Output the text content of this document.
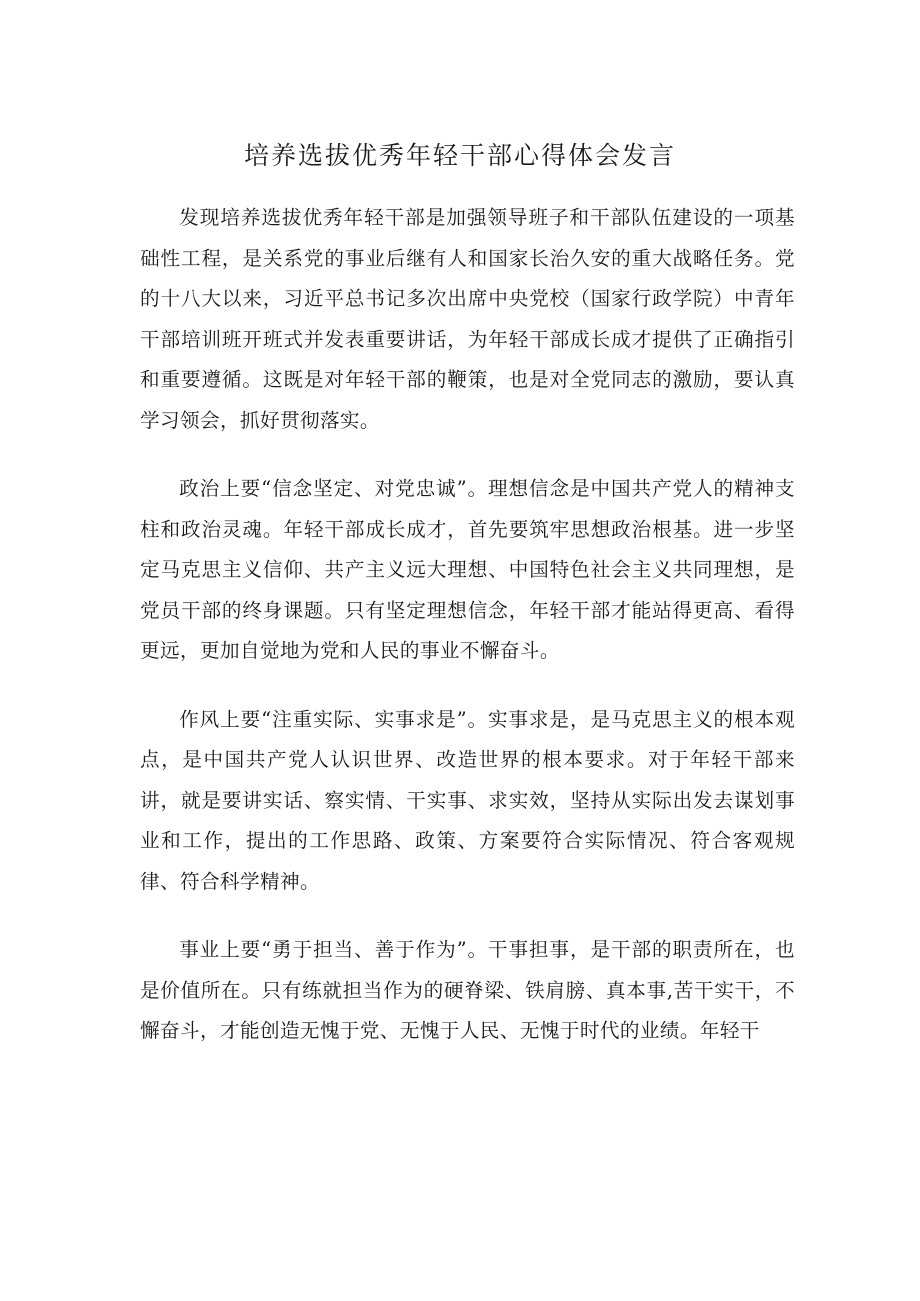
培养选拔优秀年轻干部心得体会发言

发现培养选拔优秀年轻干部是加强领导班子和干部队伍建设的一项基础性工程，是关系党的事业后继有人和国家长治久安的重大战略任务。党的十八大以来，习近平总书记多次出席中央党校（国家行政学院）中青年干部培训班开班式并发表重要讲话，为年轻干部成长成才提供了正确指引和重要遵循。这既是对年轻干部的鞭策，也是对全党同志的激励，要认真学习领会，抓好贯彻落实。

政治上要“信念坚定、对党忠诚”。理想信念是中国共产党人的精神支柱和政治灵魂。年轻干部成长成才，首先要筑牢思想政治根基。进一步坚定马克思主义信仰、共产主义远大理想、中国特色社会主义共同理想，是党员干部的终身课题。只有坚定理想信念，年轻干部才能站得更高、看得更远，更加自觉地为党和人民的事业不懈奋斗。

作风上要“注重实际、实事求是”。实事求是，是马克思主义的根本观点，是中国共产党人认识世界、改造世界的根本要求。对于年轻干部来讲，就是要讲实话、察实情、干实事、求实效，坚持从实际出发去谋划事业和工作，提出的工作思路、政策、方案要符合实际情况、符合客观规律、符合科学精神。

事业上要“勇于担当、善于作为”。干事担事，是干部的职责所在，也是价值所在。只有练就担当作为的硬脊梁、铁肩膀、真本事,苦干实干，不懈奋斗，才能创造无愧于党、无愧于人民、无愧于时代的业绩。年轻干
